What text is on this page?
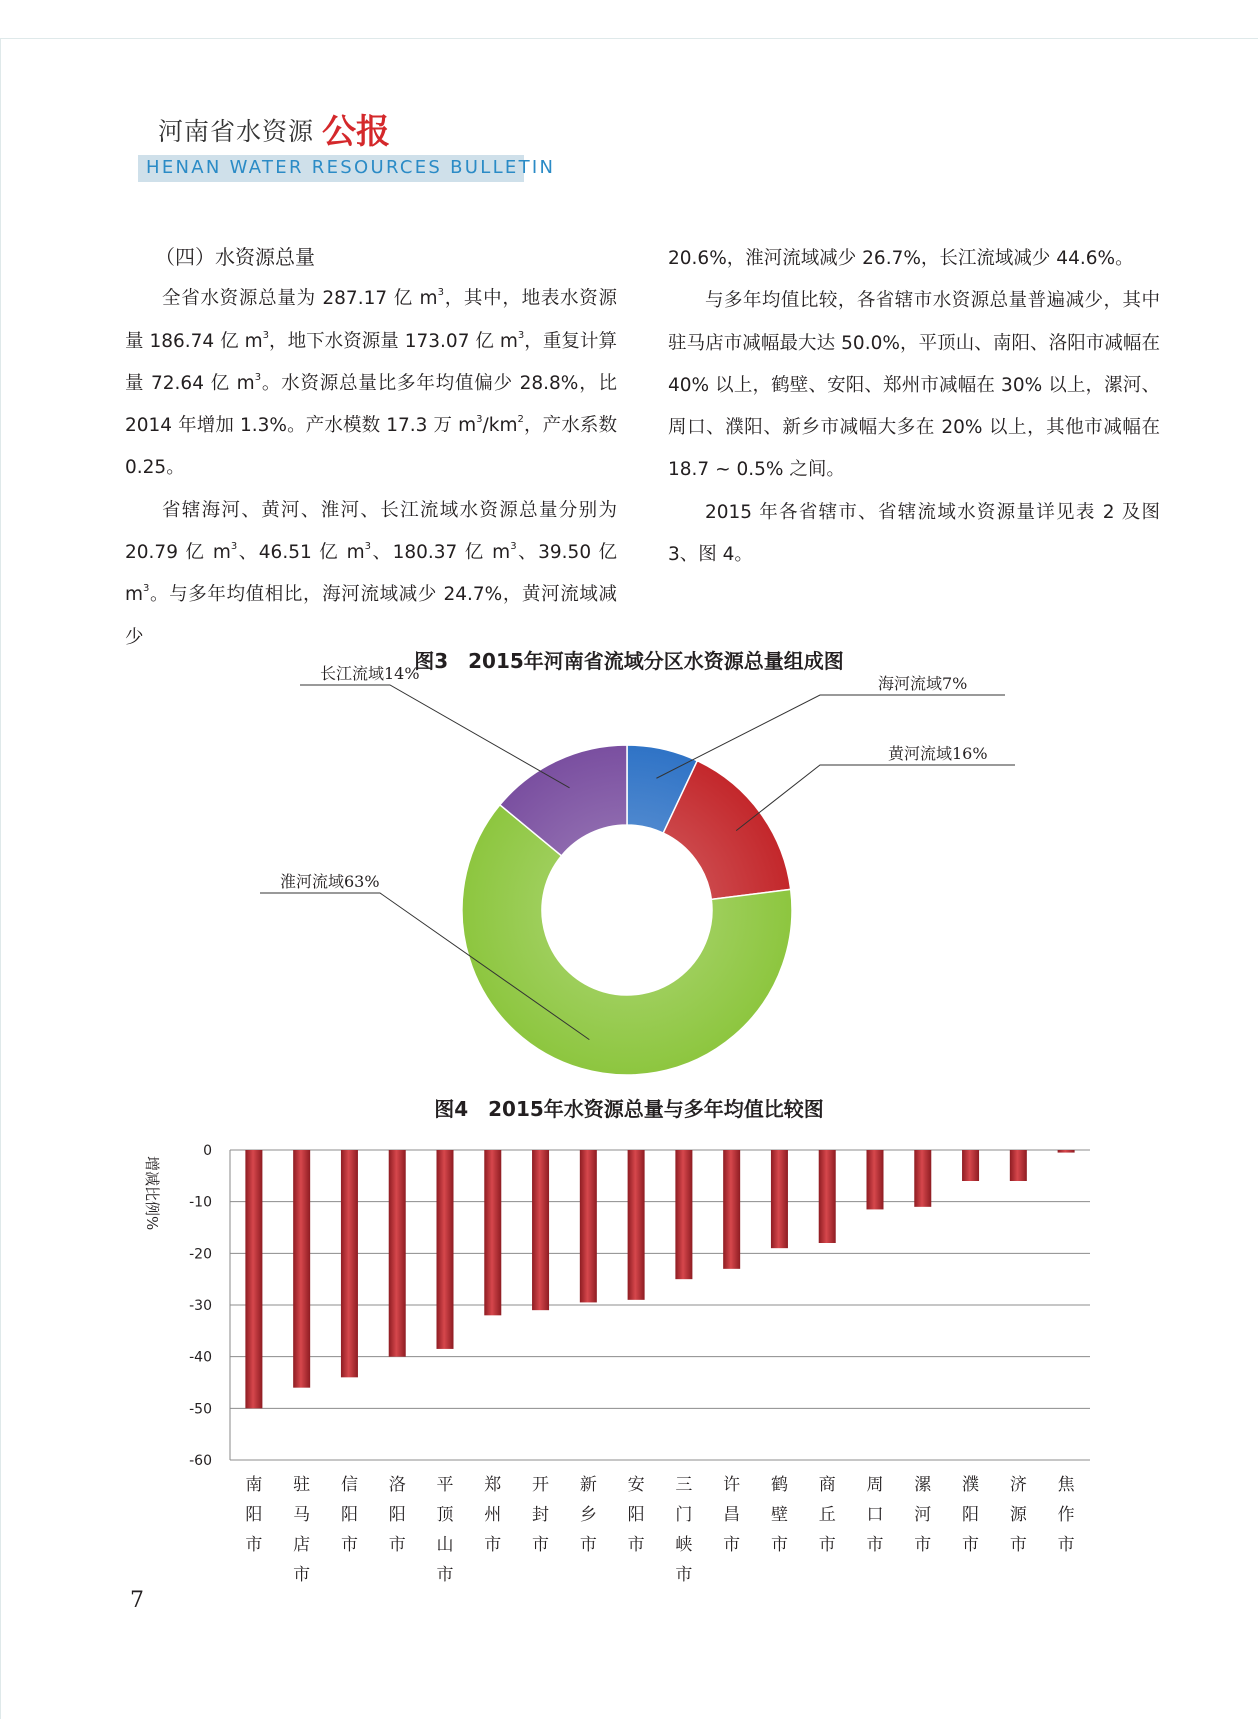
河南省水资源 公报
HENAN WATER RESOURCES BULLETIN

（四）水资源总量

全省水资源总量为 287.17 亿 $m^3$，其中，地表水资源量 186.74 亿 $m^3$，地下水资源量 173.07 亿 $m^3$，重复计算量 72.64 亿 $m^3$。水资源总量比多年均值偏少 28.8%，比 2014 年增加 1.3%。产水模数 17.3 万 $m^3/km^2$，产水系数 0.25。

省辖海河、黄河、淮河、长江流域水资源总量分别为 20.79 亿 $m^3$、46.51 亿 $m^3$、180.37 亿 $m^3$、39.50 亿 $m^3$。与多年均值相比，海河流域减少 24.7%，黄河流域减少

20.6%，淮河流域减少 26.7%，长江流域减少 44.6%。

与多年均值比较，各省辖市水资源总量普遍减少，其中驻马店市减幅最大达 50.0%，平顶山、南阳、洛阳市减幅在 40% 以上，鹤壁、安阳、郑州市减幅在 30% 以上，漯河、周口、濮阳、新乡市减幅大多在 20% 以上，其他市减幅在 18.7 ~ 0.5% 之间。

2015 年各省辖市、省辖流域水资源量详见表 2 及图 3、图 4。

图3　2015年河南省流域分区水资源总量组成图
海河流域7%
黄河流域16%
淮河流域63%
长江流域14%
图4　2015年水资源总量与多年均值比较图
0
-10
-20
-30
-40
-50
-60
增减比例%
南阳市
驻马店市
信阳市
洛阳市
平顶山市
郑州市
开封市
新乡市
安阳市
三门峡市
许昌市
鹤壁市
商丘市
周口市
漯河市
濮阳市
济源市
焦作市
7
